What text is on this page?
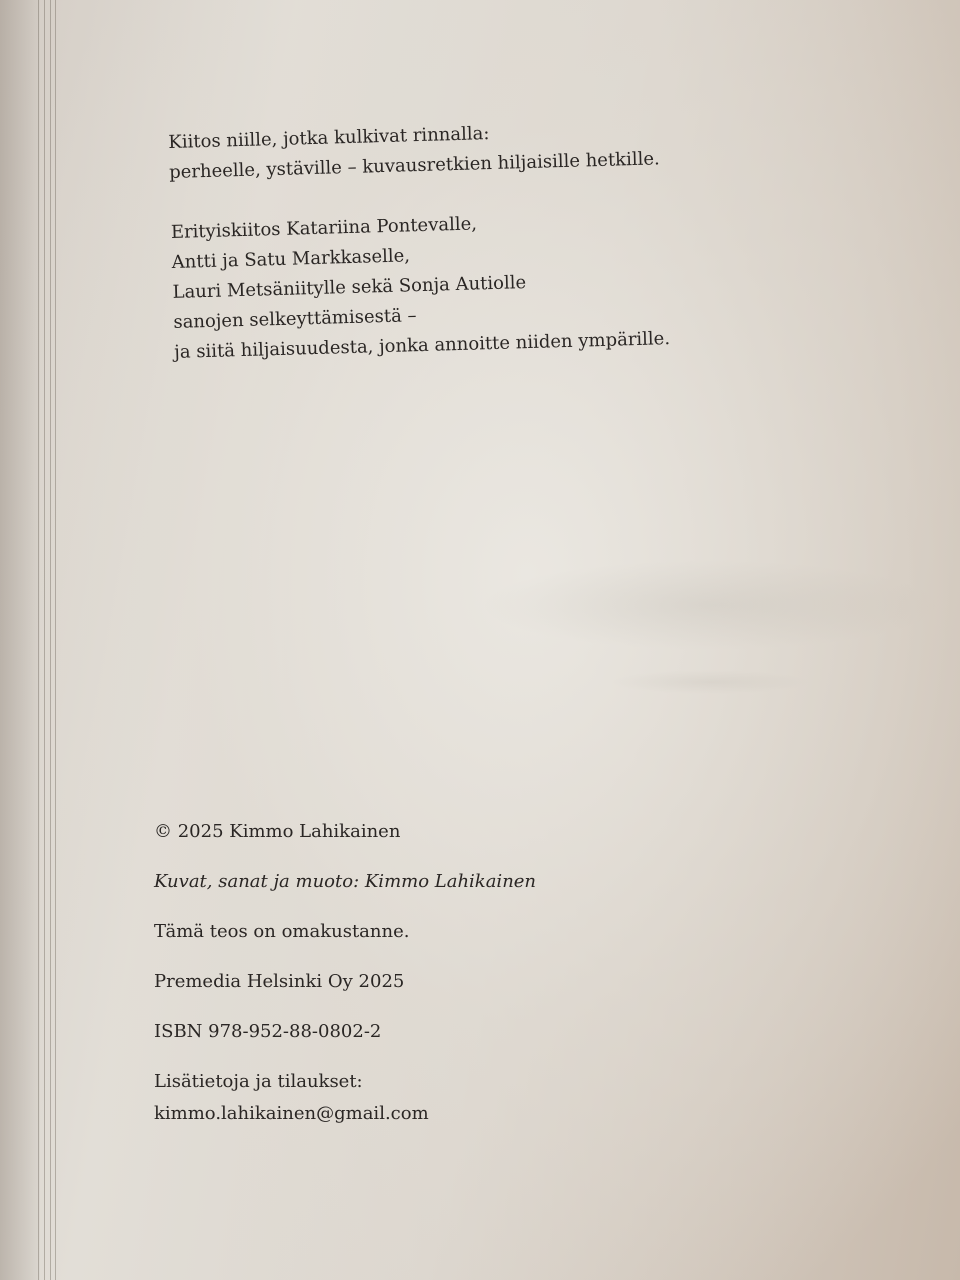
Kiitos niille, jotka kulkivat rinnalla:
perheelle, ystäville – kuvausretkien hiljaisille hetkille.
Erityiskiitos Katariina Pontevalle,
Antti ja Satu Markkaselle,
Lauri Metsäniitylle sekä Sonja Autiolle
sanojen selkeyttämisestä –
ja siitä hiljaisuudesta, jonka annoitte niiden ympärille.
© 2025 Kimmo Lahikainen
Kuvat, sanat ja muoto: Kimmo Lahikainen
Tämä teos on omakustanne.
Premedia Helsinki Oy 2025
ISBN 978-952-88-0802-2
Lisätietoja ja tilaukset:
kimmo.lahikainen@gmail.com
